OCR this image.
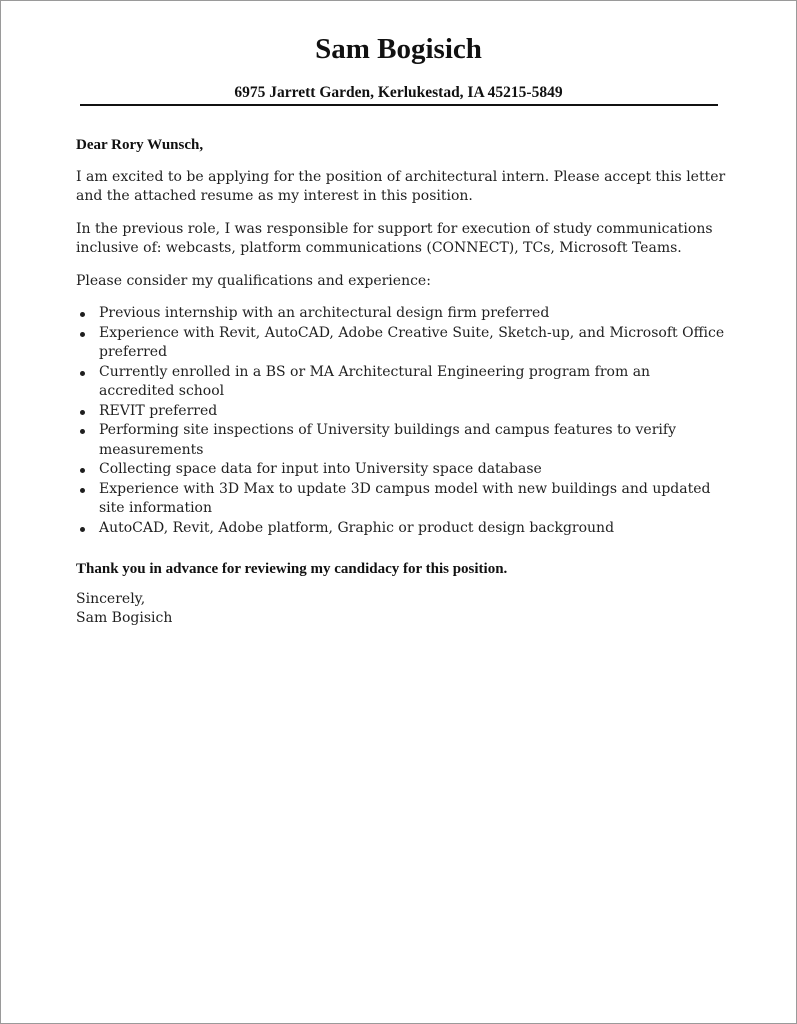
Sam Bogisich
6975 Jarrett Garden, Kerlukestad, IA 45215-5849

Dear Rory Wunsch,

I am excited to be applying for the position of architectural intern. Please accept this letter and the attached resume as my interest in this position.

In the previous role, I was responsible for support for execution of study communications inclusive of: webcasts, platform communications (CONNECT), TCs, Microsoft Teams.

Please consider my qualifications and experience:

Previous internship with an architectural design firm preferred
Experience with Revit, AutoCAD, Adobe Creative Suite, Sketch-up, and Microsoft Office preferred
Currently enrolled in a BS or MA Architectural Engineering program from an accredited school
REVIT preferred
Performing site inspections of University buildings and campus features to verify measurements
Collecting space data for input into University space database
Experience with 3D Max to update 3D campus model with new buildings and updated site information
AutoCAD, Revit, Adobe platform, Graphic or product design background

Thank you in advance for reviewing my candidacy for this position.

Sincerely,
Sam Bogisich
